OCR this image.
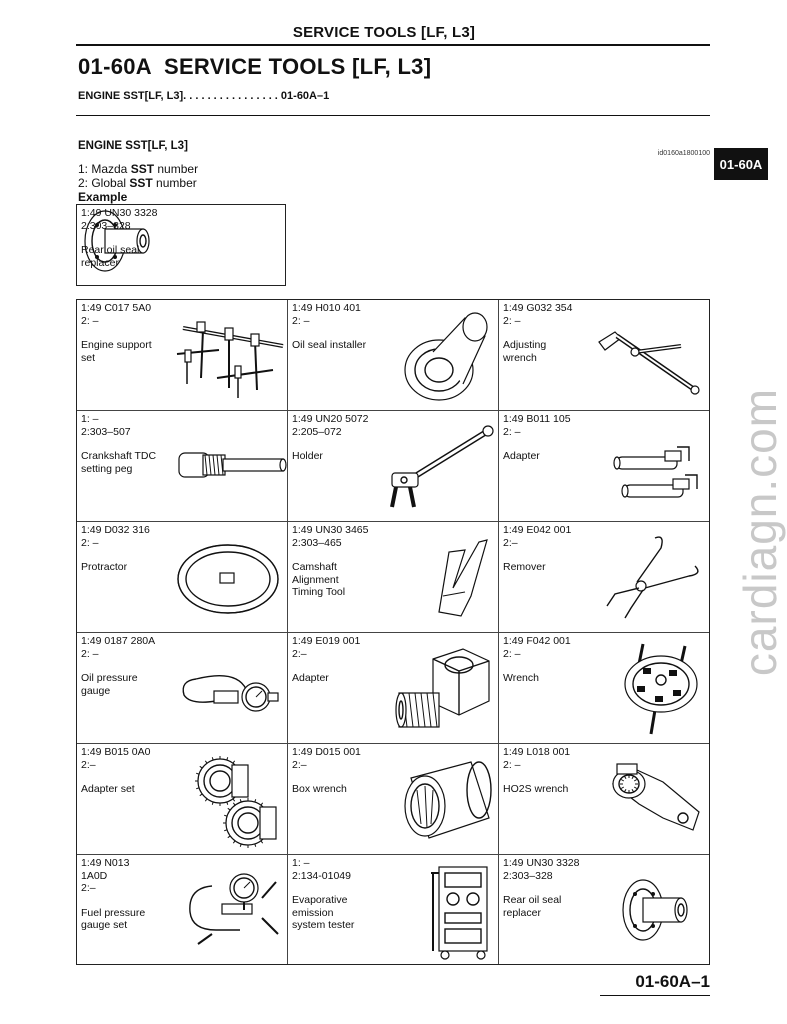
SERVICE TOOLS [LF, L3]
01-60A SERVICE TOOLS [LF, L3]
ENGINE SST[LF, L3]. . . . . . . . . . . . . . . . 01-60A–1
ENGINE SST[LF, L3]
id0160a1800100
01-60A
1: Mazda SST number
2: Global SST number
Example
1:49 UN30 3328
2:303–328
Rear oil seal
replacer
1:49 C017 5A0
2: –
Engine support
set
1:49 H010 401
2: –
Oil seal installer
1:49 G032 354
2: –
Adjusting
wrench
1: –
2:303–507
Crankshaft TDC
setting peg
1:49 UN20 5072
2:205–072
Holder
1:49 B011 105
2: –
Adapter
1:49 D032 316
2: –
Protractor
1:49 UN30 3465
2:303–465
Camshaft
Alignment
Timing Tool
1:49 E042 001
2:–
Remover
1:49 0187 280A
2: –
Oil pressure
gauge
1:49 E019 001
2:–
Adapter
1:49 F042 001
2: –
Wrench
1:49 B015 0A0
2:–
Adapter set
1:49 D015 001
2:–
Box wrench
1:49 L018 001
2: –
HO2S wrench
1:49 N013
1A0D
2:–
Fuel pressure
gauge set
1: –
2:134-01049
Evaporative
emission
system tester
1:49 UN30 3328
2:303–328
Rear oil seal
replacer
01-60A–1
cardiagn.com
